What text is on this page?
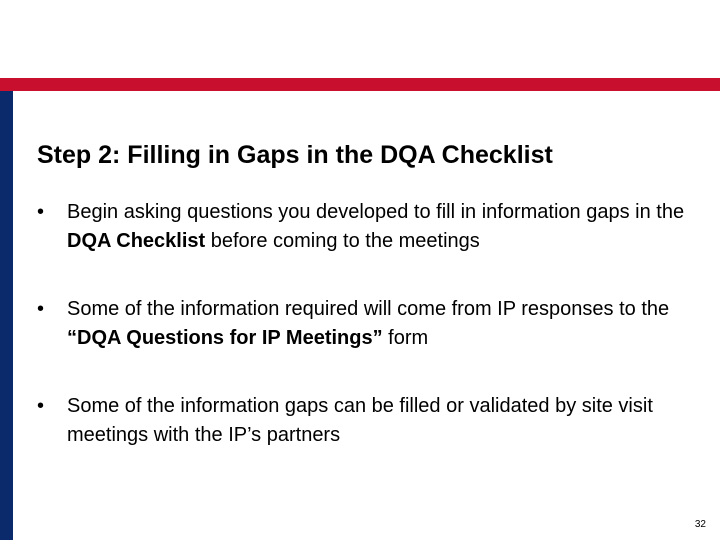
Step 2: Filling in Gaps in the DQA Checklist
• Begin asking questions you developed to fill in information gaps in the DQA Checklist before coming to the meetings
• Some of the information required will come from IP responses to the “DQA Questions for IP Meetings” form
• Some of the information gaps can be filled or validated by site visit meetings with the IP’s partners
32
